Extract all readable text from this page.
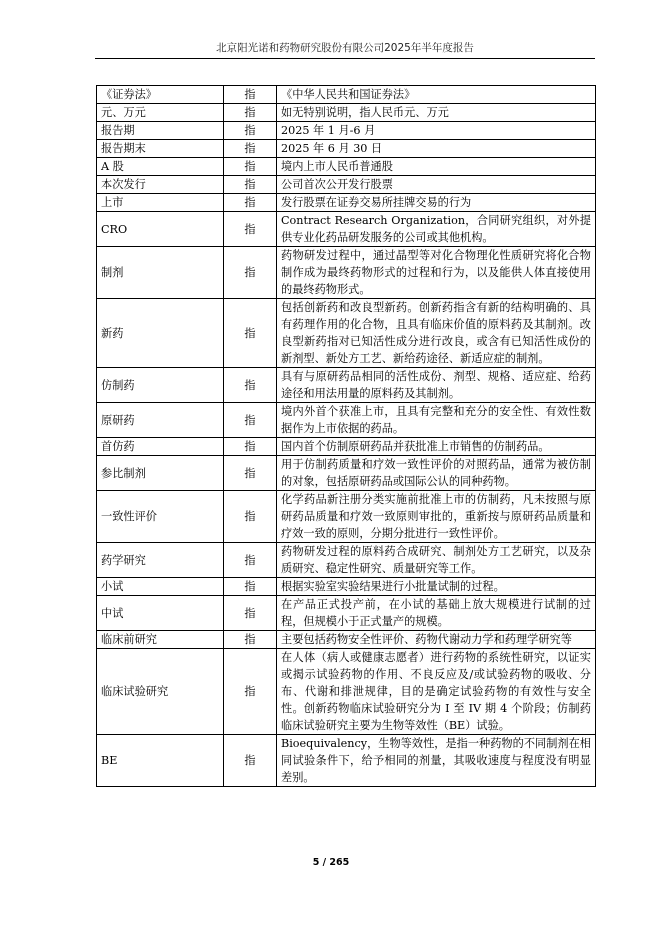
北京阳光诺和药物研究股份有限公司2025年半年度报告
《证券法》	指	《中华人民共和国证券法》
元、万元	指	如无特别说明，指人民币元、万元
报告期	指	2025 年 1 月-6 月
报告期末	指	2025 年 6 月 30 日
A 股	指	境内上市人民币普通股
本次发行	指	公司首次公开发行股票
上市	指	发行股票在证券交易所挂牌交易的行为
CRO	指	Contract Research Organization，合同研究组织，对外提供专业化药品研发服务的公司或其他机构。
制剂	指	药物研发过程中，通过晶型等对化合物理化性质研究将化合物制作成为最终药物形式的过程和行为，以及能供人体直接使用的最终药物形式。
新药	指	包括创新药和改良型新药。创新药指含有新的结构明确的、具有药理作用的化合物，且具有临床价值的原料药及其制剂。改良型新药指对已知活性成分进行改良，或含有已知活性成份的新剂型、新处方工艺、新给药途径、新适应症的制剂。
仿制药	指	具有与原研药品相同的活性成份、剂型、规格、适应症、给药途径和用法用量的原料药及其制剂。
原研药	指	境内外首个获准上市，且具有完整和充分的安全性、有效性数据作为上市依据的药品。
首仿药	指	国内首个仿制原研药品并获批准上市销售的仿制药品。
参比制剂	指	用于仿制药质量和疗效一致性评价的对照药品，通常为被仿制的对象，包括原研药品或国际公认的同种药物。
一致性评价	指	化学药品新注册分类实施前批准上市的仿制药，凡未按照与原研药品质量和疗效一致原则审批的，重新按与原研药品质量和疗效一致的原则，分期分批进行一致性评价。
药学研究	指	药物研发过程的原料药合成研究、制剂处方工艺研究，以及杂质研究、稳定性研究、质量研究等工作。
小试	指	根据实验室实验结果进行小批量试制的过程。
中试	指	在产品正式投产前，在小试的基础上放大规模进行试制的过程，但规模小于正式量产的规模。
临床前研究	指	主要包括药物安全性评价、药物代谢动力学和药理学研究等
临床试验研究	指	在人体（病人或健康志愿者）进行药物的系统性研究，以证实或揭示试验药物的作用、不良反应及/或试验药物的吸收、分布、代谢和排泄规律，目的是确定试验药物的有效性与安全性。创新药物临床试验研究分为 I 至 IV 期 4 个阶段；仿制药临床试验研究主要为生物等效性（BE）试验。
BE	指	Bioequivalency，生物等效性，是指一种药物的不同制剂在相同试验条件下，给予相同的剂量，其吸收速度与程度没有明显差别。
5 / 265
